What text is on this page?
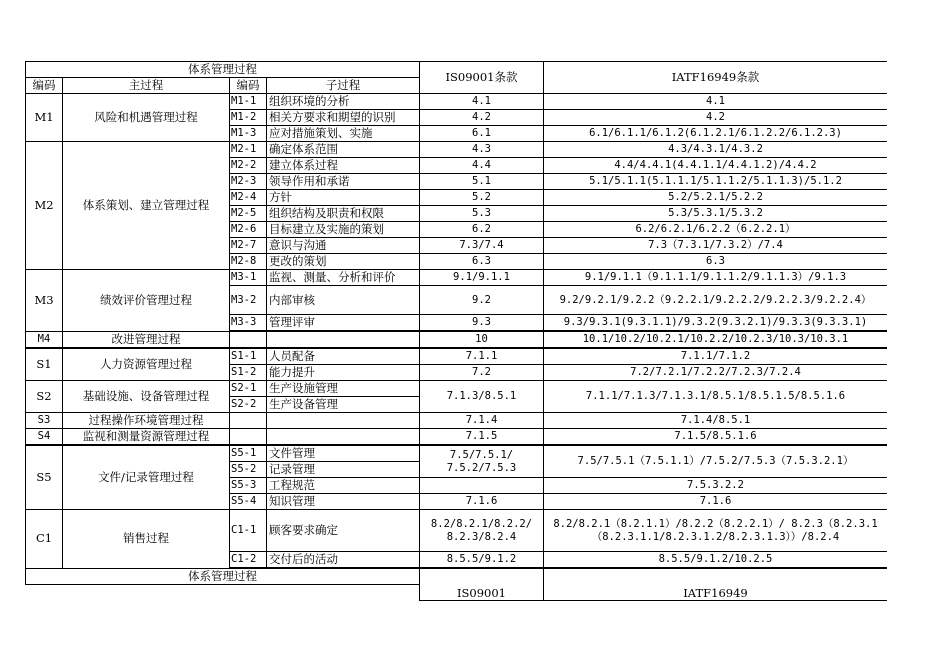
体系管理过程				IS09001条款	IATF16949条款
编码	主过程	编码	子过程		
M1	风险和机遇管理过程	M1-1	组织环境的分析	4.1	4.1
		M1-2	相关方要求和期望的识别	4.2	4.2
		M1-3	应对措施策划、实施	6.1	6.1/6.1.1/6.1.2(6.1.2.1/6.1.2.2/6.1.2.3)
M2	体系策划、建立管理过程	M2-1	确定体系范围	4.3	4.3/4.3.1/4.3.2
		M2-2	建立体系过程	4.4	4.4/4.4.1(4.4.1.1/4.4.1.2)/4.4.2
		M2-3	领导作用和承诺	5.1	5.1/5.1.1(5.1.1.1/5.1.1.2/5.1.1.3)/5.1.2
		M2-4	方针	5.2	5.2/5.2.1/5.2.2
		M2-5	组织结构及职责和权限	5.3	5.3/5.3.1/5.3.2
		M2-6	目标建立及实施的策划	6.2	6.2/6.2.1/6.2.2（6.2.2.1）
		M2-7	意识与沟通	7.3/7.4	7.3（7.3.1/7.3.2）/7.4
		M2-8	更改的策划	6.3	6.3
M3	绩效评价管理过程	M3-1	监视、测量、分析和评价	9.1/9.1.1	9.1/9.1.1（9.1.1.1/9.1.1.2/9.1.1.3）/9.1.3
		M3-2	内部审核	9.2	9.2/9.2.1/9.2.2（9.2.2.1/9.2.2.2/9.2.2.3/9.2.2.4）
		M3-3	管理评审	9.3	9.3/9.3.1(9.3.1.1)/9.3.2(9.3.2.1)/9.3.3(9.3.3.1)
M4	改进管理过程			10	10.1/10.2/10.2.1/10.2.2/10.2.3/10.3/10.3.1
S1	人力资源管理过程	S1-1	人员配备	7.1.1	7.1.1/7.1.2
		S1-2	能力提升	7.2	7.2/7.2.1/7.2.2/7.2.3/7.2.4
S2	基础设施、设备管理过程	S2-1	生产设施管理	7.1.3/8.5.1	7.1.1/7.1.3/7.1.3.1/8.5.1/8.5.1.5/8.5.1.6
		S2-2	生产设备管理		
S3	过程操作环境管理过程			7.1.4	7.1.4/8.5.1
S4	监视和测量资源管理过程			7.1.5	7.1.5/8.5.1.6
S5	文件/记录管理过程	S5-1	文件管理	7.5/7.5.1/ 7.5.2/7.5.3	7.5/7.5.1（7.5.1.1）/7.5.2/7.5.3（7.5.3.2.1）
		S5-2	记录管理		
		S5-3	工程规范		7.5.3.2.2
		S5-4	知识管理	7.1.6	7.1.6
C1	销售过程	C1-1	顾客要求确定	8.2/8.2.1/8.2.2/ 8.2.3/8.2.4	8.2/8.2.1（8.2.1.1）/8.2.2（8.2.2.1）/ 8.2.3（8.2.3.1（8.2.3.1.1/8.2.3.1.2/8.2.3.1.3））/8.2.4
		C1-2	交付后的活动	8.5.5/9.1.2	8.5.5/9.1.2/10.2.5
体系管理过程				IS09001	IATF16949
